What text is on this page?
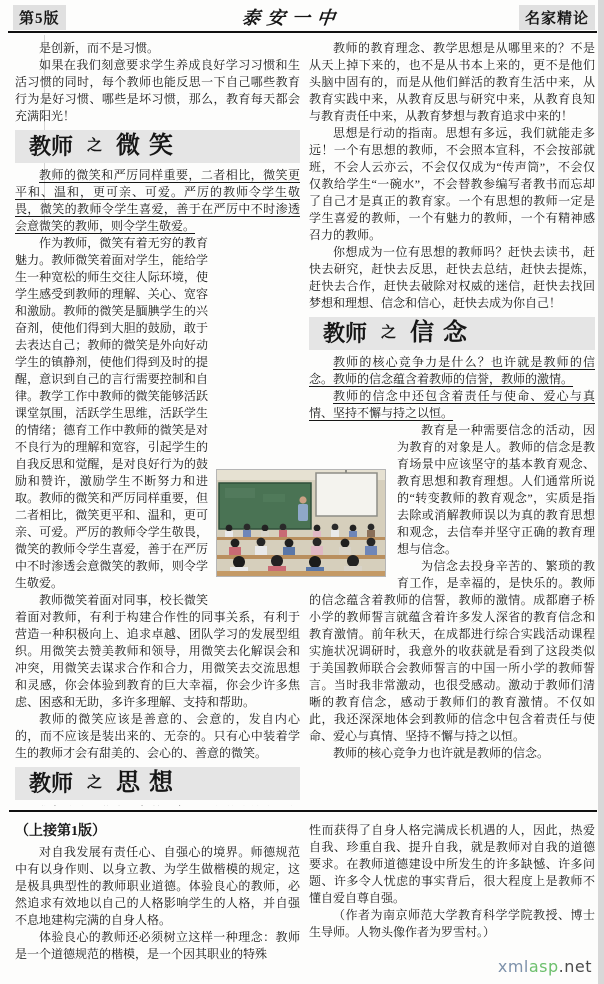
第5版	泰安一中	名家精论

是创新，而不是习惯。

如果在我们刻意要求学生养成良好学习习惯和生活习惯的同时，每个教师也能反思一下自己哪些教育行为是好习惯、哪些是坏习惯，那么，教育每天都会充满阳光！

教师 之 微笑

教师的微笑和严厉同样重要，二者相比，微笑更平和、温和，更可亲、可爱。严厉的教师令学生敬畏，微笑的教师令学生喜爱，善于在严厉中不时渗透会意微笑的教师，则令学生敬爱。

作为教师，微笑有着无穷的教育魅力。教师微笑着面对学生，能给学生一种宽松的师生交往人际环境，使学生感受到教师的理解、关心、宽容和激励。教师的微笑是腼腆学生的兴奋剂，使他们得到大胆的鼓励，敢于去表达自己；教师的微笑是外向好动学生的镇静剂，使他们得到及时的提醒，意识到自己的言行需要控制和自律。教学工作中教师的微笑能够活跃课堂氛围，活跃学生思维，活跃学生的情绪；德育工作中教师的微笑是对不良行为的理解和宽容，引起学生的自我反思和觉醒，是对良好行为的鼓励和赞许，激励学生不断努力和进取。教师的微笑和严厉同样重要，但二者相比，微笑更平和、温和，更可亲、可爱。严厉的教师令学生敬畏，微笑的教师令学生喜爱，善于在严厉中不时渗透会意微笑的教师，则令学生敬爱。

教师微笑着面对同事，校长微笑着面对教师，有利于构建合作性的同事关系，有利于营造一种积极向上、追求卓越、团队学习的发展型组织。用微笑去赞美教师和领导，用微笑去化解误会和冲突，用微笑去谋求合作和合力，用微笑去交流思想和灵感，你会体验到教育的巨大幸福，你会少许多焦虑、困惑和无助，多许多理解、支持和帮助。

教师的微笑应该是善意的、会意的，发自内心的，而不应该是装出来的、无奈的。只有心中装着学生的教师才会有甜美的、会心的、善意的微笑。

教师 之 思想

教师的教育理念、教学思想是从哪里来的？不是从天上掉下来的，也不是从书本上来的，更不是他们头脑中固有的，而是从他们鲜活的教育生活中来，从教育实践中来，从教育反思与研究中来，从教育良知与教育责任中来，从教育梦想与教育追求中来的！

思想是行动的指南。思想有多远，我们就能走多远！一个有思想的教师，不会照本宣科，不会按部就班，不会人云亦云，不会仅仅成为“传声筒”，不会仅仅教给学生“一碗水”，不会替教参编写者教书而忘却了自己才是真正的教育家。一个有思想的教师一定是学生喜爱的教师，一个有魅力的教师，一个有精神感召力的教师。

你想成为一位有思想的教师吗？赶快去读书，赶快去研究，赶快去反思，赶快去总结，赶快去提炼，赶快去合作，赶快去破除对权威的迷信，赶快去找回梦想和理想、信念和信心，赶快去成为你自己！

教师 之 信念

教师的核心竞争力是什么？也许就是教师的信念。教师的信念蕴含着教师的信誉，教师的激情。

教师的信念中还包含着责任与使命、爱心与真情、坚持不懈与持之以恒。

教育是一种需要信念的活动，因为教育的对象是人。教师的信念是教育场景中应该坚守的基本教育观念、教育思想和教育理想。人们通常所说的“转变教师的教育观念”，实质是指去除或消解教师误以为真的教育思想和观念，去信奉并坚守正确的教育理想与信念。

为信念去投身辛苦的、繁琐的教育工作，是幸福的，是快乐的。教师的信念蕴含着教师的信誓，教师的激情。成都磨子桥小学的教师誓言就蕴含着许多发人深省的教育信念和教育激情。前年秋天，在成都进行综合实践活动课程实施状况调研时，我意外的收获就是看到了这段类似于美国教师联合会教师誓言的中国一所小学的教师誓言。当时我非常激动，也很受感动。激动于教师们清晰的教育信念，感动于教师们的教育激情。不仅如此，我还深深地体会到教师的信念中包含着责任与使命、爱心与真情、坚持不懈与持之以恒。

教师的核心竞争力也许就是教师的信念。

（上接第1版）

对自我发展有责任心、自强心的境界。师德规范中有以身作则、以身立教、为学生做楷模的规定，这是极具典型性的教师职业道德。体验良心的教师，必然追求有效地以自己的人格影响学生的人格，并自强不息地建构完满的自身人格。

体验良心的教师还必须树立这样一种理念：教师是一个道德规范的楷模，是一个因其职业的特殊

性而获得了自身人格完满成长机遇的人，因此，热爱自我、珍重自我、提升自我，就是教师对自我的道德要求。在教师道德建设中所发生的许多缺憾、许多问题、许多令人忧虑的事实背后，很大程度上是教师不懂自爱自尊自强。

（作者为南京师范大学教育科学学院教授、博士生导师。人物头像作者为罗雪村。）

xmlasp.net
